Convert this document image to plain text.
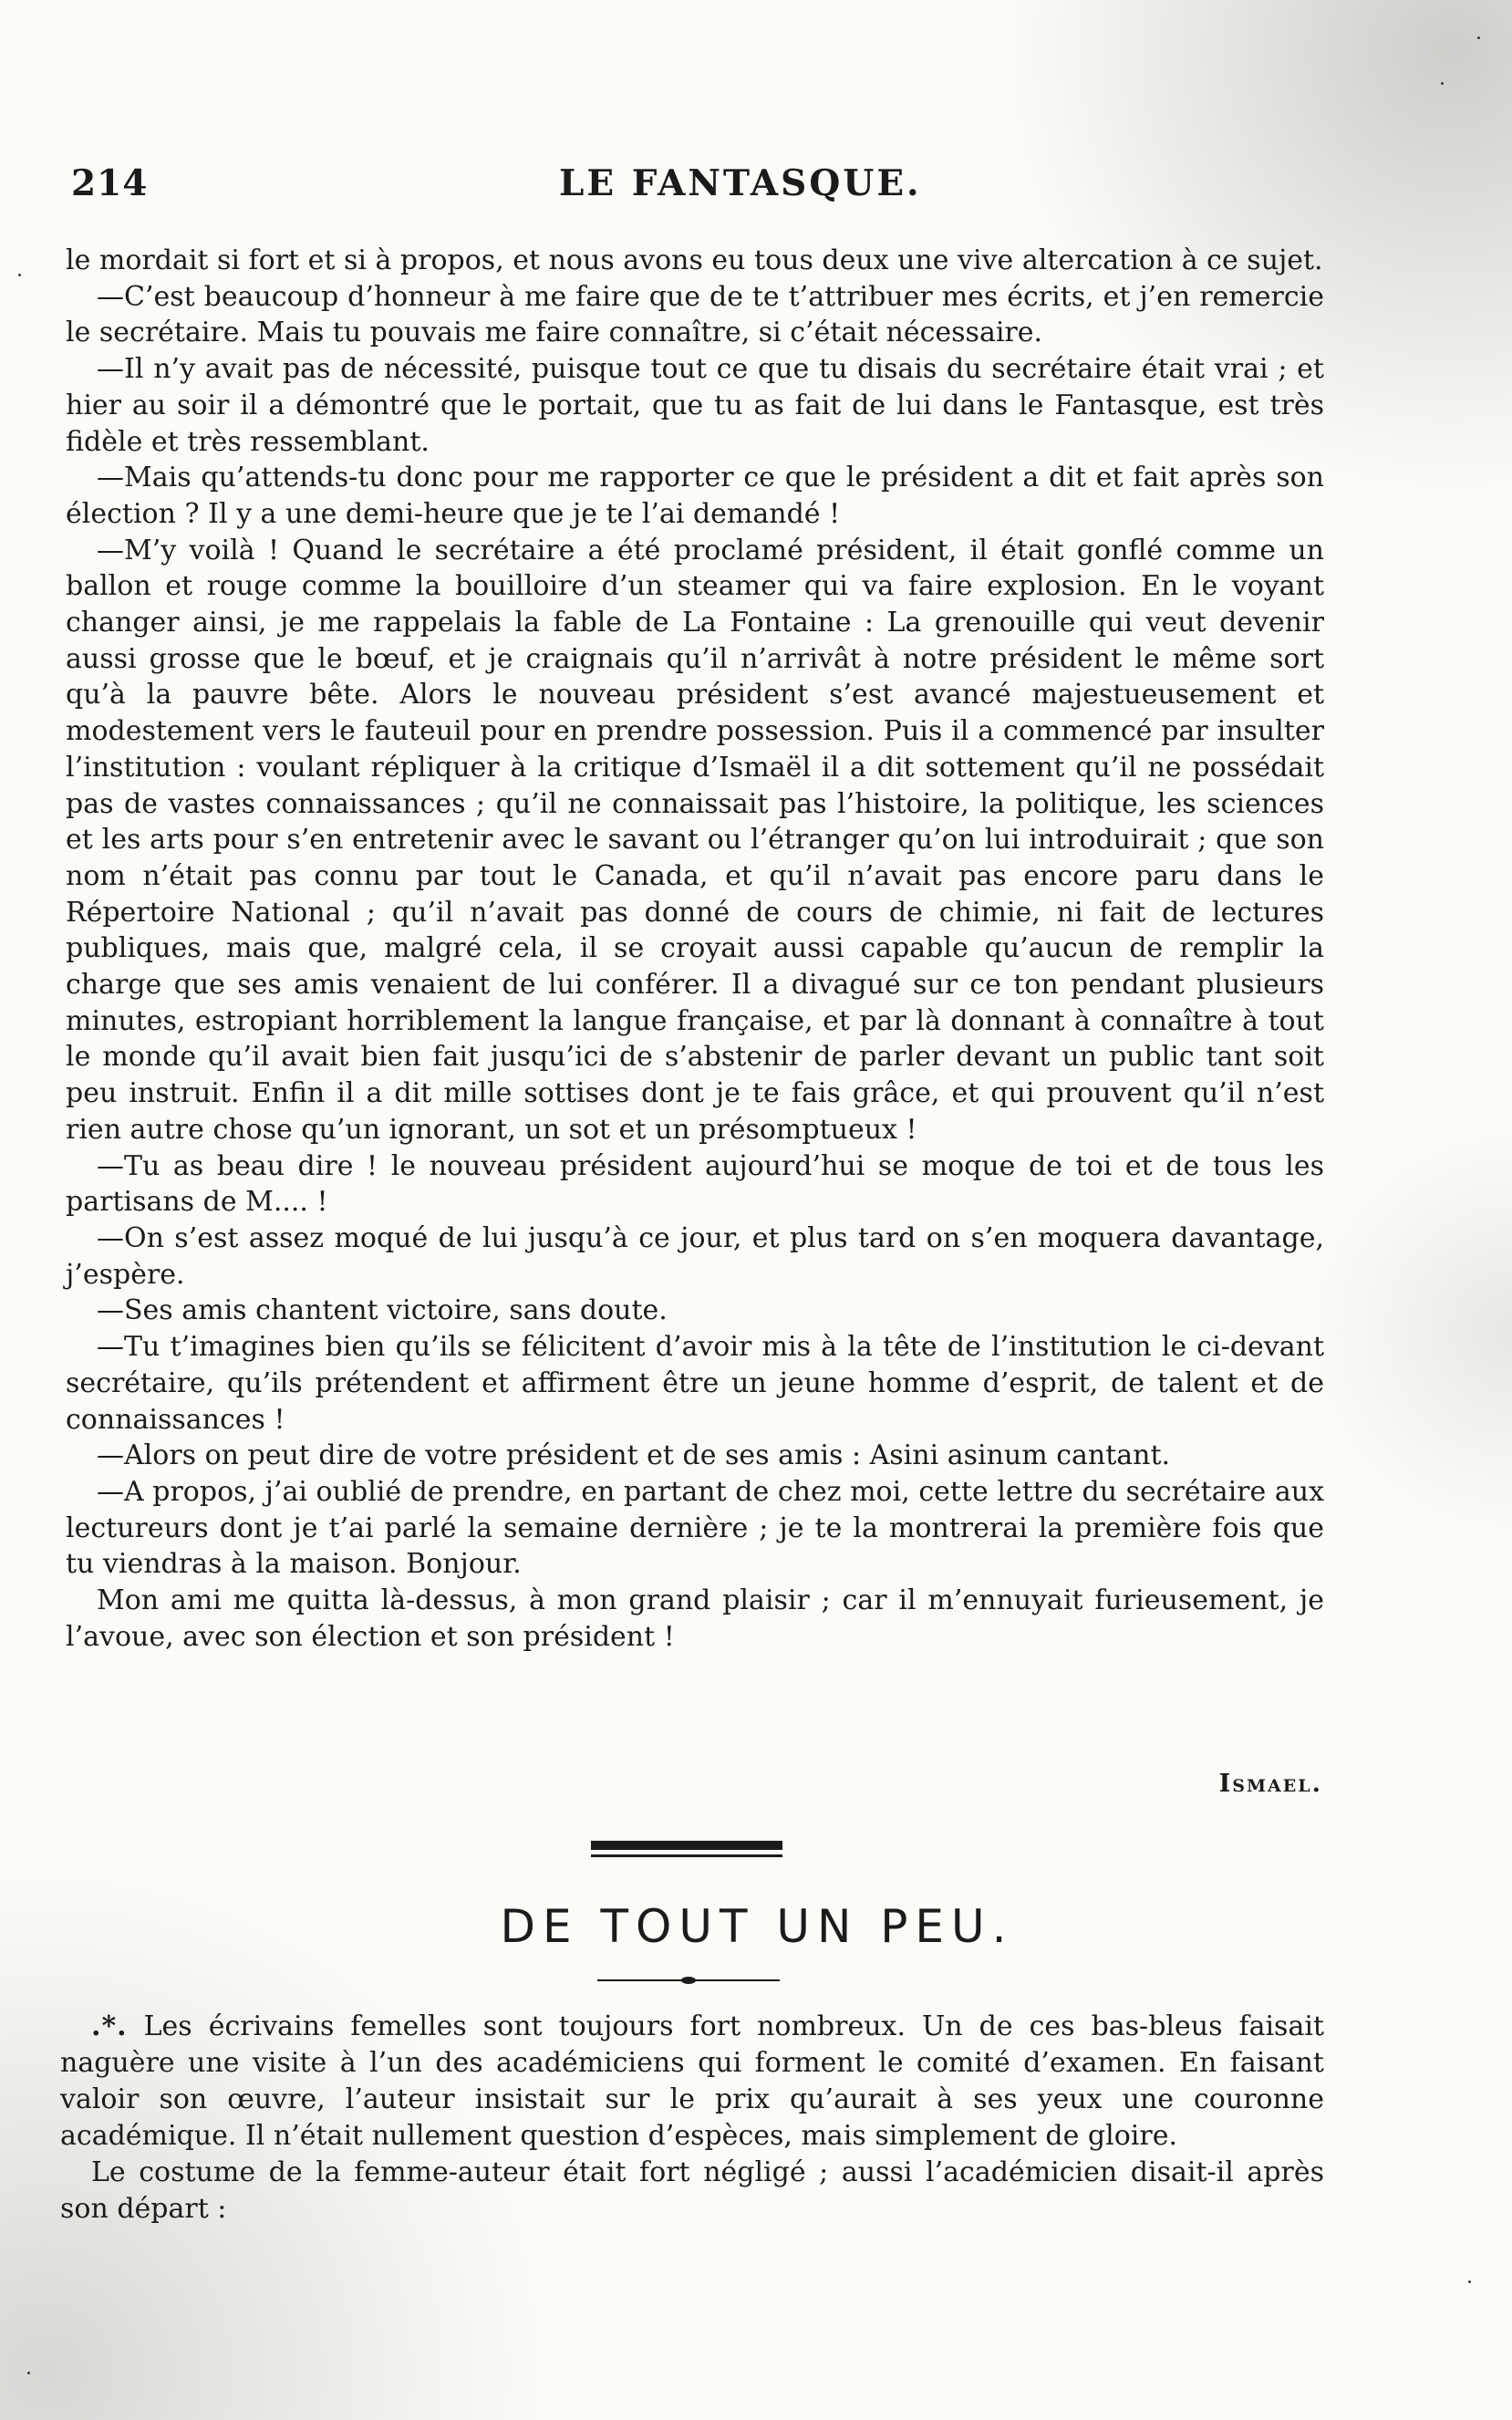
214	LE FANTASQUE.

le mordait si fort et si à propos, et nous avons eu tous deux une vive altercation à ce sujet.

—C’est beaucoup d’honneur à me faire que de te t’attribuer mes écrits, et j’en remercie le secrétaire. Mais tu pouvais me faire connaître, si c’était nécessaire.

—Il n’y avait pas de nécessité, puisque tout ce que tu disais du secrétaire était vrai ; et hier au soir il a démontré que le portait, que tu as fait de lui dans le Fantasque, est très fidèle et très ressemblant.

—Mais qu’attends-tu donc pour me rapporter ce que le président a dit et fait après son élection ? Il y a une demi-heure que je te l’ai demandé !

—M’y voilà ! Quand le secrétaire a été proclamé président, il était gonflé comme un ballon et rouge comme la bouilloire d’un steamer qui va faire explosion. En le voyant changer ainsi, je me rappelais la fable de La Fontaine : La grenouille qui veut devenir aussi grosse que le bœuf, et je craignais qu’il n’arrivât à notre président le même sort qu’à la pauvre bête. Alors le nouveau président s’est avancé majestueusement et modestement vers le fauteuil pour en prendre possession. Puis il a commencé par insulter l’institution : voulant répliquer à la critique d’Ismaël il a dit sottement qu’il ne possédait pas de vastes connaissances ; qu’il ne connaissait pas l’histoire, la politique, les sciences et les arts pour s’en entretenir avec le savant ou l’étranger qu’on lui introduirait ; que son nom n’était pas connu par tout le Canada, et qu’il n’avait pas encore paru dans le Répertoire National ; qu’il n’avait pas donné de cours de chimie, ni fait de lectures publiques, mais que, malgré cela, il se croyait aussi capable qu’aucun de remplir la charge que ses amis venaient de lui conférer. Il a divagué sur ce ton pendant plusieurs minutes, estropiant horriblement la langue française, et par là donnant à connaître à tout le monde qu’il avait bien fait jusqu’ici de s’abstenir de parler devant un public tant soit peu instruit. Enfin il a dit mille sottises dont je te fais grâce, et qui prouvent qu’il n’est rien autre chose qu’un ignorant, un sot et un présomptueux !

—Tu as beau dire ! le nouveau président aujourd’hui se moque de toi et de tous les partisans de M.... !

—On s’est assez moqué de lui jusqu’à ce jour, et plus tard on s’en moquera davantage, j’espère.

—Ses amis chantent victoire, sans doute.

—Tu t’imagines bien qu’ils se félicitent d’avoir mis à la tête de l’institution le ci-devant secrétaire, qu’ils prétendent et affirment être un jeune homme d’esprit, de talent et de connaissances !

—Alors on peut dire de votre président et de ses amis : Asini asinum cantant.

—A propos, j’ai oublié de prendre, en partant de chez moi, cette lettre du secrétaire aux lectureurs dont je t’ai parlé la semaine dernière ; je te la montrerai la première fois que tu viendras à la maison. Bonjour.

Mon ami me quitta là-dessus, à mon grand plaisir ; car il m’ennuyait furieusement, je l’avoue, avec son élection et son président !

Ismael.
DE TOUT UN PEU.

.*. Les écrivains femelles sont toujours fort nombreux. Un de ces bas-bleus faisait naguère une visite à l’un des académiciens qui forment le comité d’examen. En faisant valoir son œuvre, l’auteur insistait sur le prix qu’aurait à ses yeux une couronne académique. Il n’était nullement question d’espèces, mais simplement de gloire.

Le costume de la femme-auteur était fort négligé ; aussi l’académicien disait-il après son départ :
